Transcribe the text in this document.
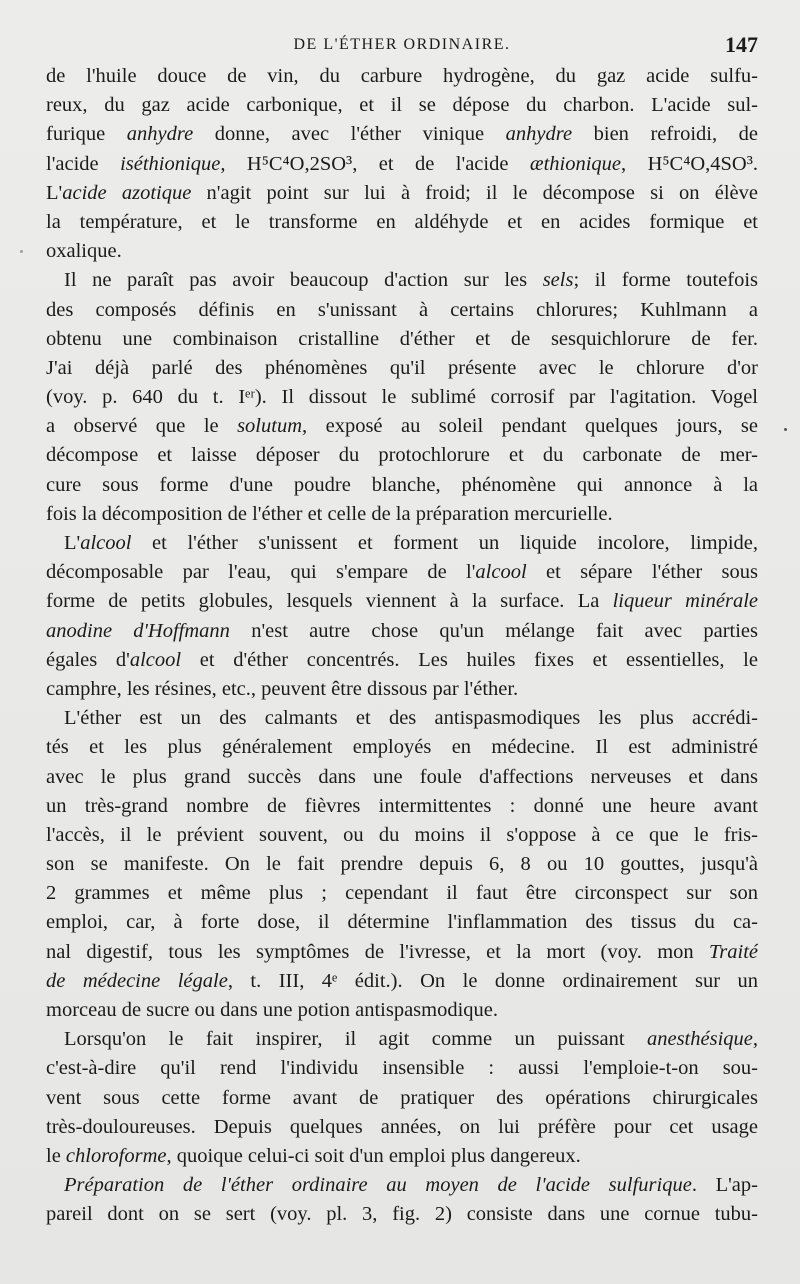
DE L'ÉTHER ORDINAIRE.	147
de l'huile douce de vin, du carbure hydrogène, du gaz acide sulfu-
reux, du gaz acide carbonique, et il se dépose du charbon. L'acide sul-
furique anhydre donne, avec l'éther vinique anhydre bien refroidi, de
l'acide iséthionique, H⁵C⁴O,2SO³, et de l'acide æthionique, H⁵C⁴O,4SO³.
L'acide azotique n'agit point sur lui à froid; il le décompose si on élève
la température, et le transforme en aldéhyde et en acides formique et
oxalique.
Il ne paraît pas avoir beaucoup d'action sur les sels; il forme toutefois
des composés définis en s'unissant à certains chlorures; Kuhlmann a
obtenu une combinaison cristalline d'éther et de sesquichlorure de fer.
J'ai déjà parlé des phénomènes qu'il présente avec le chlorure d'or
(voy. p. 640 du t. Iᵉʳ). Il dissout le sublimé corrosif par l'agitation. Vogel
a observé que le solutum, exposé au soleil pendant quelques jours, se
décompose et laisse déposer du protochlorure et du carbonate de mer-
cure sous forme d'une poudre blanche, phénomène qui annonce à la
fois la décomposition de l'éther et celle de la préparation mercurielle.
L'alcool et l'éther s'unissent et forment un liquide incolore, limpide,
décomposable par l'eau, qui s'empare de l'alcool et sépare l'éther sous
forme de petits globules, lesquels viennent à la surface. La liqueur minérale
anodine d'Hoffmann n'est autre chose qu'un mélange fait avec parties
égales d'alcool et d'éther concentrés. Les huiles fixes et essentielles, le
camphre, les résines, etc., peuvent être dissous par l'éther.
L'éther est un des calmants et des antispasmodiques les plus accrédi-
tés et les plus généralement employés en médecine. Il est administré
avec le plus grand succès dans une foule d'affections nerveuses et dans
un très-grand nombre de fièvres intermittentes : donné une heure avant
l'accès, il le prévient souvent, ou du moins il s'oppose à ce que le fris-
son se manifeste. On le fait prendre depuis 6, 8 ou 10 gouttes, jusqu'à
2 grammes et même plus ; cependant il faut être circonspect sur son
emploi, car, à forte dose, il détermine l'inflammation des tissus du ca-
nal digestif, tous les symptômes de l'ivresse, et la mort (voy. mon Traité
de médecine légale, t. III, 4ᵉ édit.). On le donne ordinairement sur un
morceau de sucre ou dans une potion antispasmodique.
Lorsqu'on le fait inspirer, il agit comme un puissant anesthésique,
c'est-à-dire qu'il rend l'individu insensible : aussi l'emploie-t-on sou-
vent sous cette forme avant de pratiquer des opérations chirurgicales
très-douloureuses. Depuis quelques années, on lui préfère pour cet usage
le chloroforme, quoique celui-ci soit d'un emploi plus dangereux.
Préparation de l'éther ordinaire au moyen de l'acide sulfurique. L'ap-
pareil dont on se sert (voy. pl. 3, fig. 2) consiste dans une cornue tubu-
